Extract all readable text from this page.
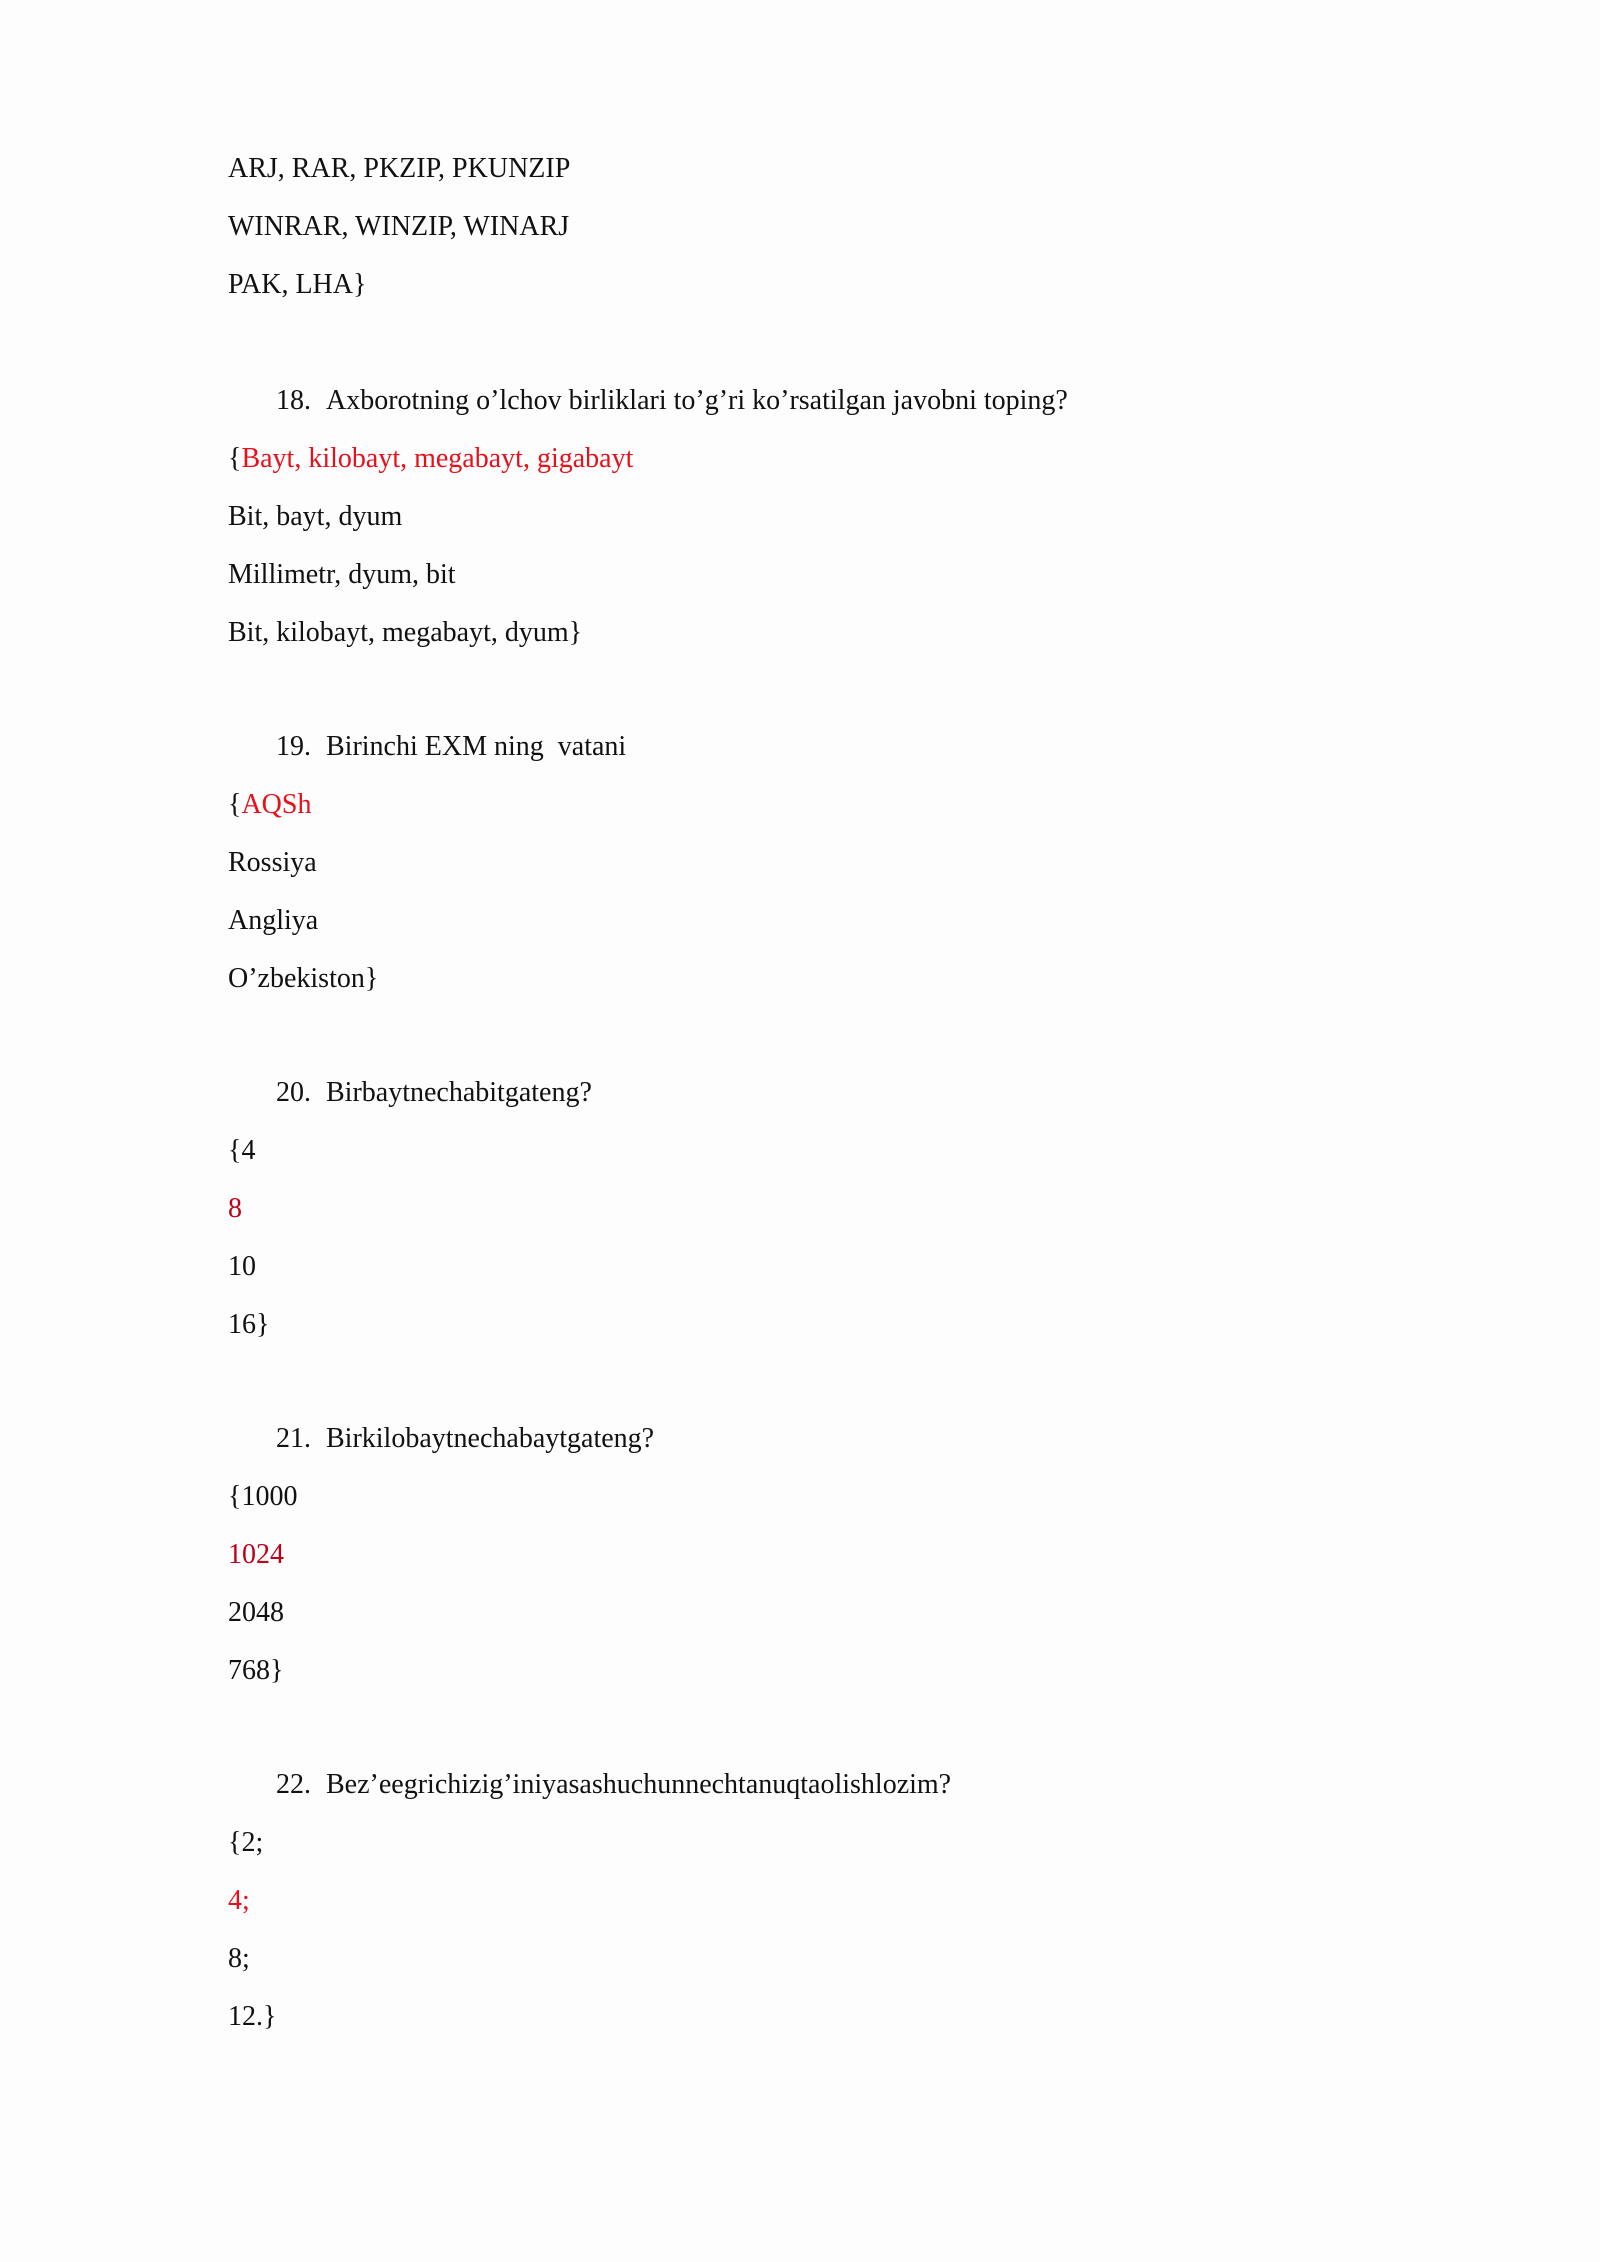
ARJ, RAR, PKZIP, PKUNZIP
WINRAR, WINZIP, WINARJ
PAK, LHA}
18. Axborotning o’lchov birliklari to’g’ri ko’rsatilgan javobni toping?
{Bayt, kilobayt, megabayt, gigabayt
Bit, bayt, dyum
Millimetr, dyum, bit
Bit, kilobayt, megabayt, dyum}
19. Birinchi EXM ning  vatani
{AQSh
Rossiya
Angliya
O’zbekiston}
20. Birbaytnechabitgateng?
{4
8
10
16}
21. Birkilobaytnechabaytgateng?
{1000
1024
2048
768}
22. Bez’eegrichizig’iniyasashuchunnechtanuqtaolishlozim?
{2;
4;
8;
12.}
